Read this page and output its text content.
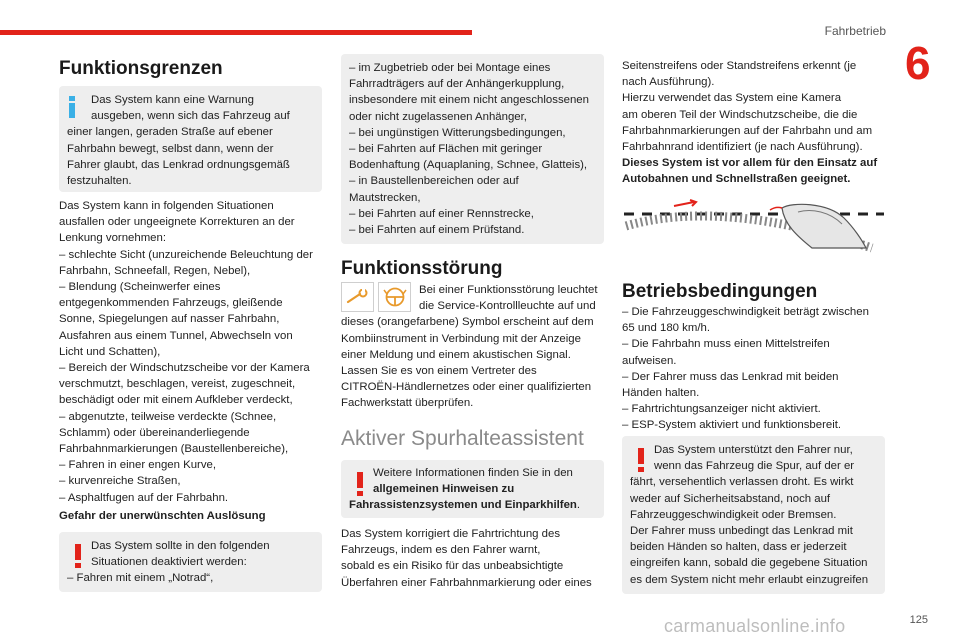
Fahrbetrieb
6
Funktionsgrenzen
Das System kann eine Warnung
ausgeben, wenn sich das Fahrzeug auf
einer langen, geraden Straße auf ebener
Fahrbahn bewegt, selbst dann, wenn der
Fahrer glaubt, das Lenkrad ordnungsgemäß
festzuhalten.
Das System kann in folgenden Situationen
ausfallen oder ungeeignete Korrekturen an der
Lenkung vornehmen:
– schlechte Sicht (unzureichende Beleuchtung der
Fahrbahn, Schneefall, Regen, Nebel),
– Blendung (Scheinwerfer eines
entgegenkommenden Fahrzeugs, gleißende
Sonne, Spiegelungen auf nasser Fahrbahn,
Ausfahren aus einem Tunnel, Abwechseln von
Licht und Schatten),
– Bereich der Windschutzscheibe vor der Kamera
verschmutzt, beschlagen, vereist, zugeschneit,
beschädigt oder mit einem Aufkleber verdeckt,
– abgenutzte, teilweise verdeckte (Schnee,
Schlamm) oder übereinanderliegende
Fahrbahnmarkierungen (Baustellenbereiche),
– Fahren in einer engen Kurve,
– kurvenreiche Straßen,
– Asphaltfugen auf der Fahrbahn.
Gefahr der unerwünschten Auslösung
Das System sollte in den folgenden
Situationen deaktiviert werden:
– Fahren mit einem „Notrad“,
– im Zugbetrieb oder bei Montage eines
Fahrradträgers auf der Anhängerkupplung,
insbesondere mit einem nicht angeschlossenen
oder nicht zugelassenen Anhänger,
– bei ungünstigen Witterungsbedingungen,
– bei Fahrten auf Flächen mit geringer
Bodenhaftung (Aquaplaning, Schnee, Glatteis),
– in Baustellenbereichen oder auf
Mautstrecken,
– bei Fahrten auf einer Rennstrecke,
– bei Fahrten auf einem Prüfstand.
Funktionsstörung
Bei einer Funktionsstörung leuchtet
die Service-Kontrollleuchte auf und
dieses (orangefarbene) Symbol erscheint auf dem
Kombiinstrument in Verbindung mit der Anzeige
einer Meldung und einem akustischen Signal.
Lassen Sie es von einem Vertreter des
CITROËN-Händlernetzes oder einer qualifizierten
Fachwerkstatt überprüfen.
Aktiver Spurhalteassistent
Weitere Informationen finden Sie in den
allgemeinen Hinweisen zu
Fahrassistenzsystemen und Einparkhilfen.
Das System korrigiert die Fahrtrichtung des
Fahrzeugs, indem es den Fahrer warnt,
sobald es ein Risiko für das unbeabsichtigte
Überfahren einer Fahrbahnmarkierung oder eines
Seitenstreifens oder Standstreifens erkennt (je
nach Ausführung).
Hierzu verwendet das System eine Kamera
am oberen Teil der Windschutzscheibe, die die
Fahrbahnmarkierungen auf der Fahrbahn und am
Fahrbahnrand identifiziert (je nach Ausführung).
Dieses System ist vor allem für den Einsatz auf
Autobahnen und Schnellstraßen geeignet.
Betriebsbedingungen
– Die Fahrzeuggeschwindigkeit beträgt zwischen
65 und 180 km/h.
– Die Fahrbahn muss einen Mittelstreifen
aufweisen.
– Der Fahrer muss das Lenkrad mit beiden
Händen halten.
– Fahrtrichtungsanzeiger nicht aktiviert.
– ESP-System aktiviert und funktionsbereit.
Das System unterstützt den Fahrer nur,
wenn das Fahrzeug die Spur, auf der er
fährt, versehentlich verlassen droht. Es wirkt
weder auf Sicherheitsabstand, noch auf
Fahrzeuggeschwindigkeit oder Bremsen.
Der Fahrer muss unbedingt das Lenkrad mit
beiden Händen so halten, dass er jederzeit
eingreifen kann, sobald die gegebene Situation
es dem System nicht mehr erlaubt einzugreifen
125
carmanualsonline.info
